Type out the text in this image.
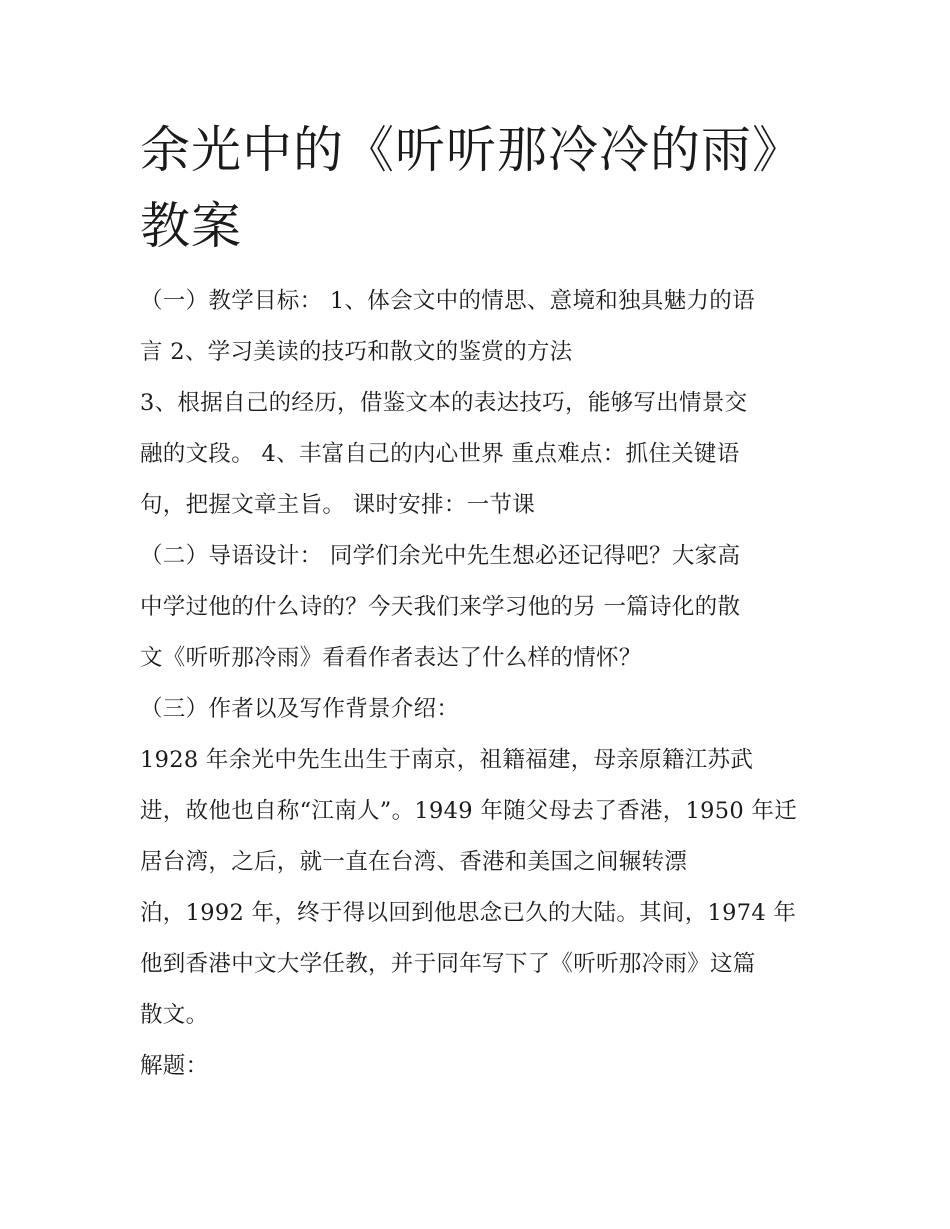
余光中的《听听那冷冷的雨》
教案
（一）教学目标： 1、体会文中的情思、意境和独具魅力的语
言 2、学习美读的技巧和散文的鉴赏的方法
3、根据自己的经历，借鉴文本的表达技巧，能够写出情景交
融的文段。 4、丰富自己的内心世界 重点难点：抓住关键语
句，把握文章主旨。 课时安排：一节课
（二）导语设计： 同学们余光中先生想必还记得吧？大家高
中学过他的什么诗的？今天我们来学习他的另 一篇诗化的散
文《听听那冷雨》看看作者表达了什么样的情怀？
（三）作者以及写作背景介绍：
1928 年余光中先生出生于南京，祖籍福建，母亲原籍江苏武
进，故他也自称“江南人”。1949 年随父母去了香港，1950 年迁
居台湾，之后，就一直在台湾、香港和美国之间辗转漂
泊，1992 年，终于得以回到他思念已久的大陆。其间，1974 年
他到香港中文大学任教，并于同年写下了《听听那冷雨》这篇
散文。
解题：
